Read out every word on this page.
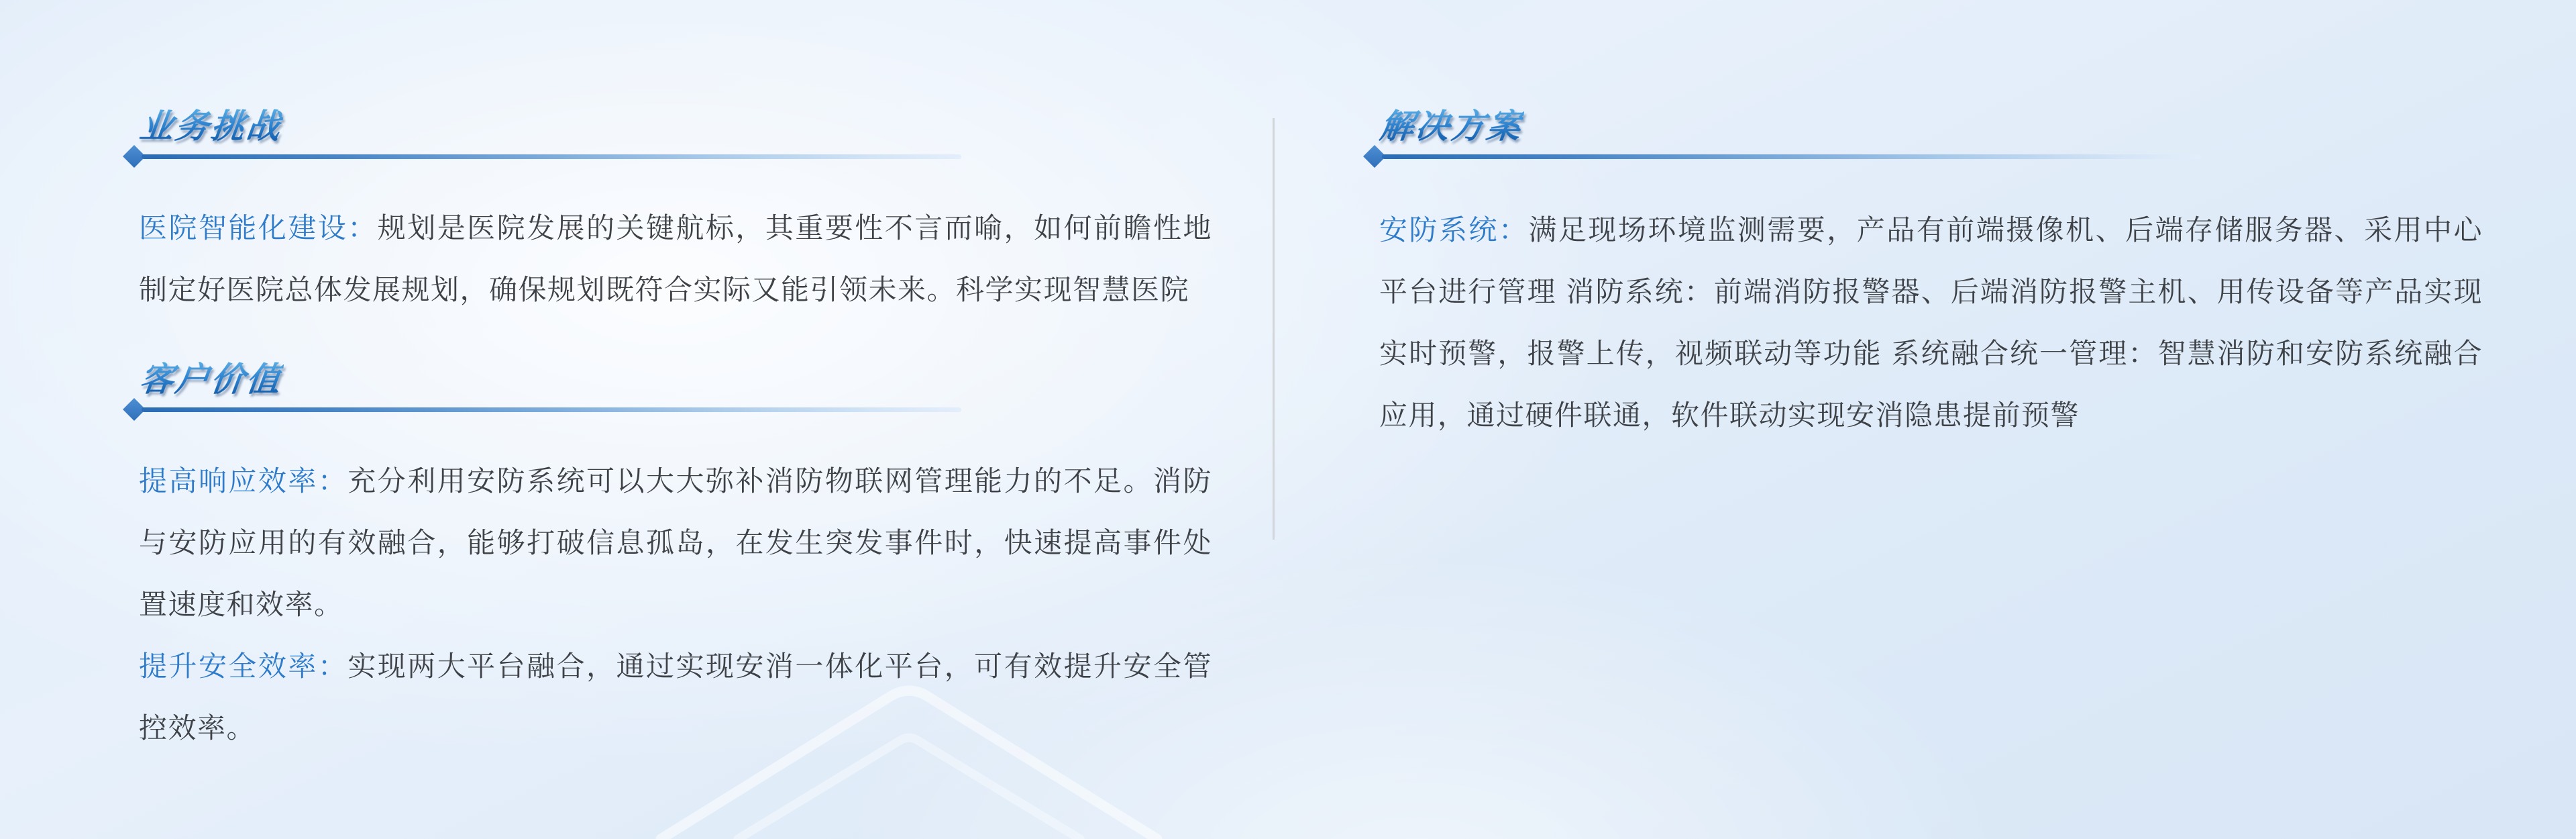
业务挑战

医院智能化建设：规划是医院发展的关键航标，其重要性不言而喻，如何前瞻性地制定好医院总体发展规划，确保规划既符合实际又能引领未来。科学实现智慧医院

客户价值

提高响应效率：充分利用安防系统可以大大弥补消防物联网管理能力的不足。消防与安防应用的有效融合，能够打破信息孤岛，在发生突发事件时，快速提高事件处置速度和效率。

提升安全效率：实现两大平台融合，通过实现安消一体化平台，可有效提升安全管控效率。

解决方案

安防系统：满足现场环境监测需要，产品有前端摄像机、后端存储服务器、采用中心平台进行管理 消防系统：前端消防报警器、后端消防报警主机、用传设备等产品实现实时预警，报警上传，视频联动等功能 系统融合统一管理：智慧消防和安防系统融合应用，通过硬件联通，软件联动实现安消隐患提前预警
